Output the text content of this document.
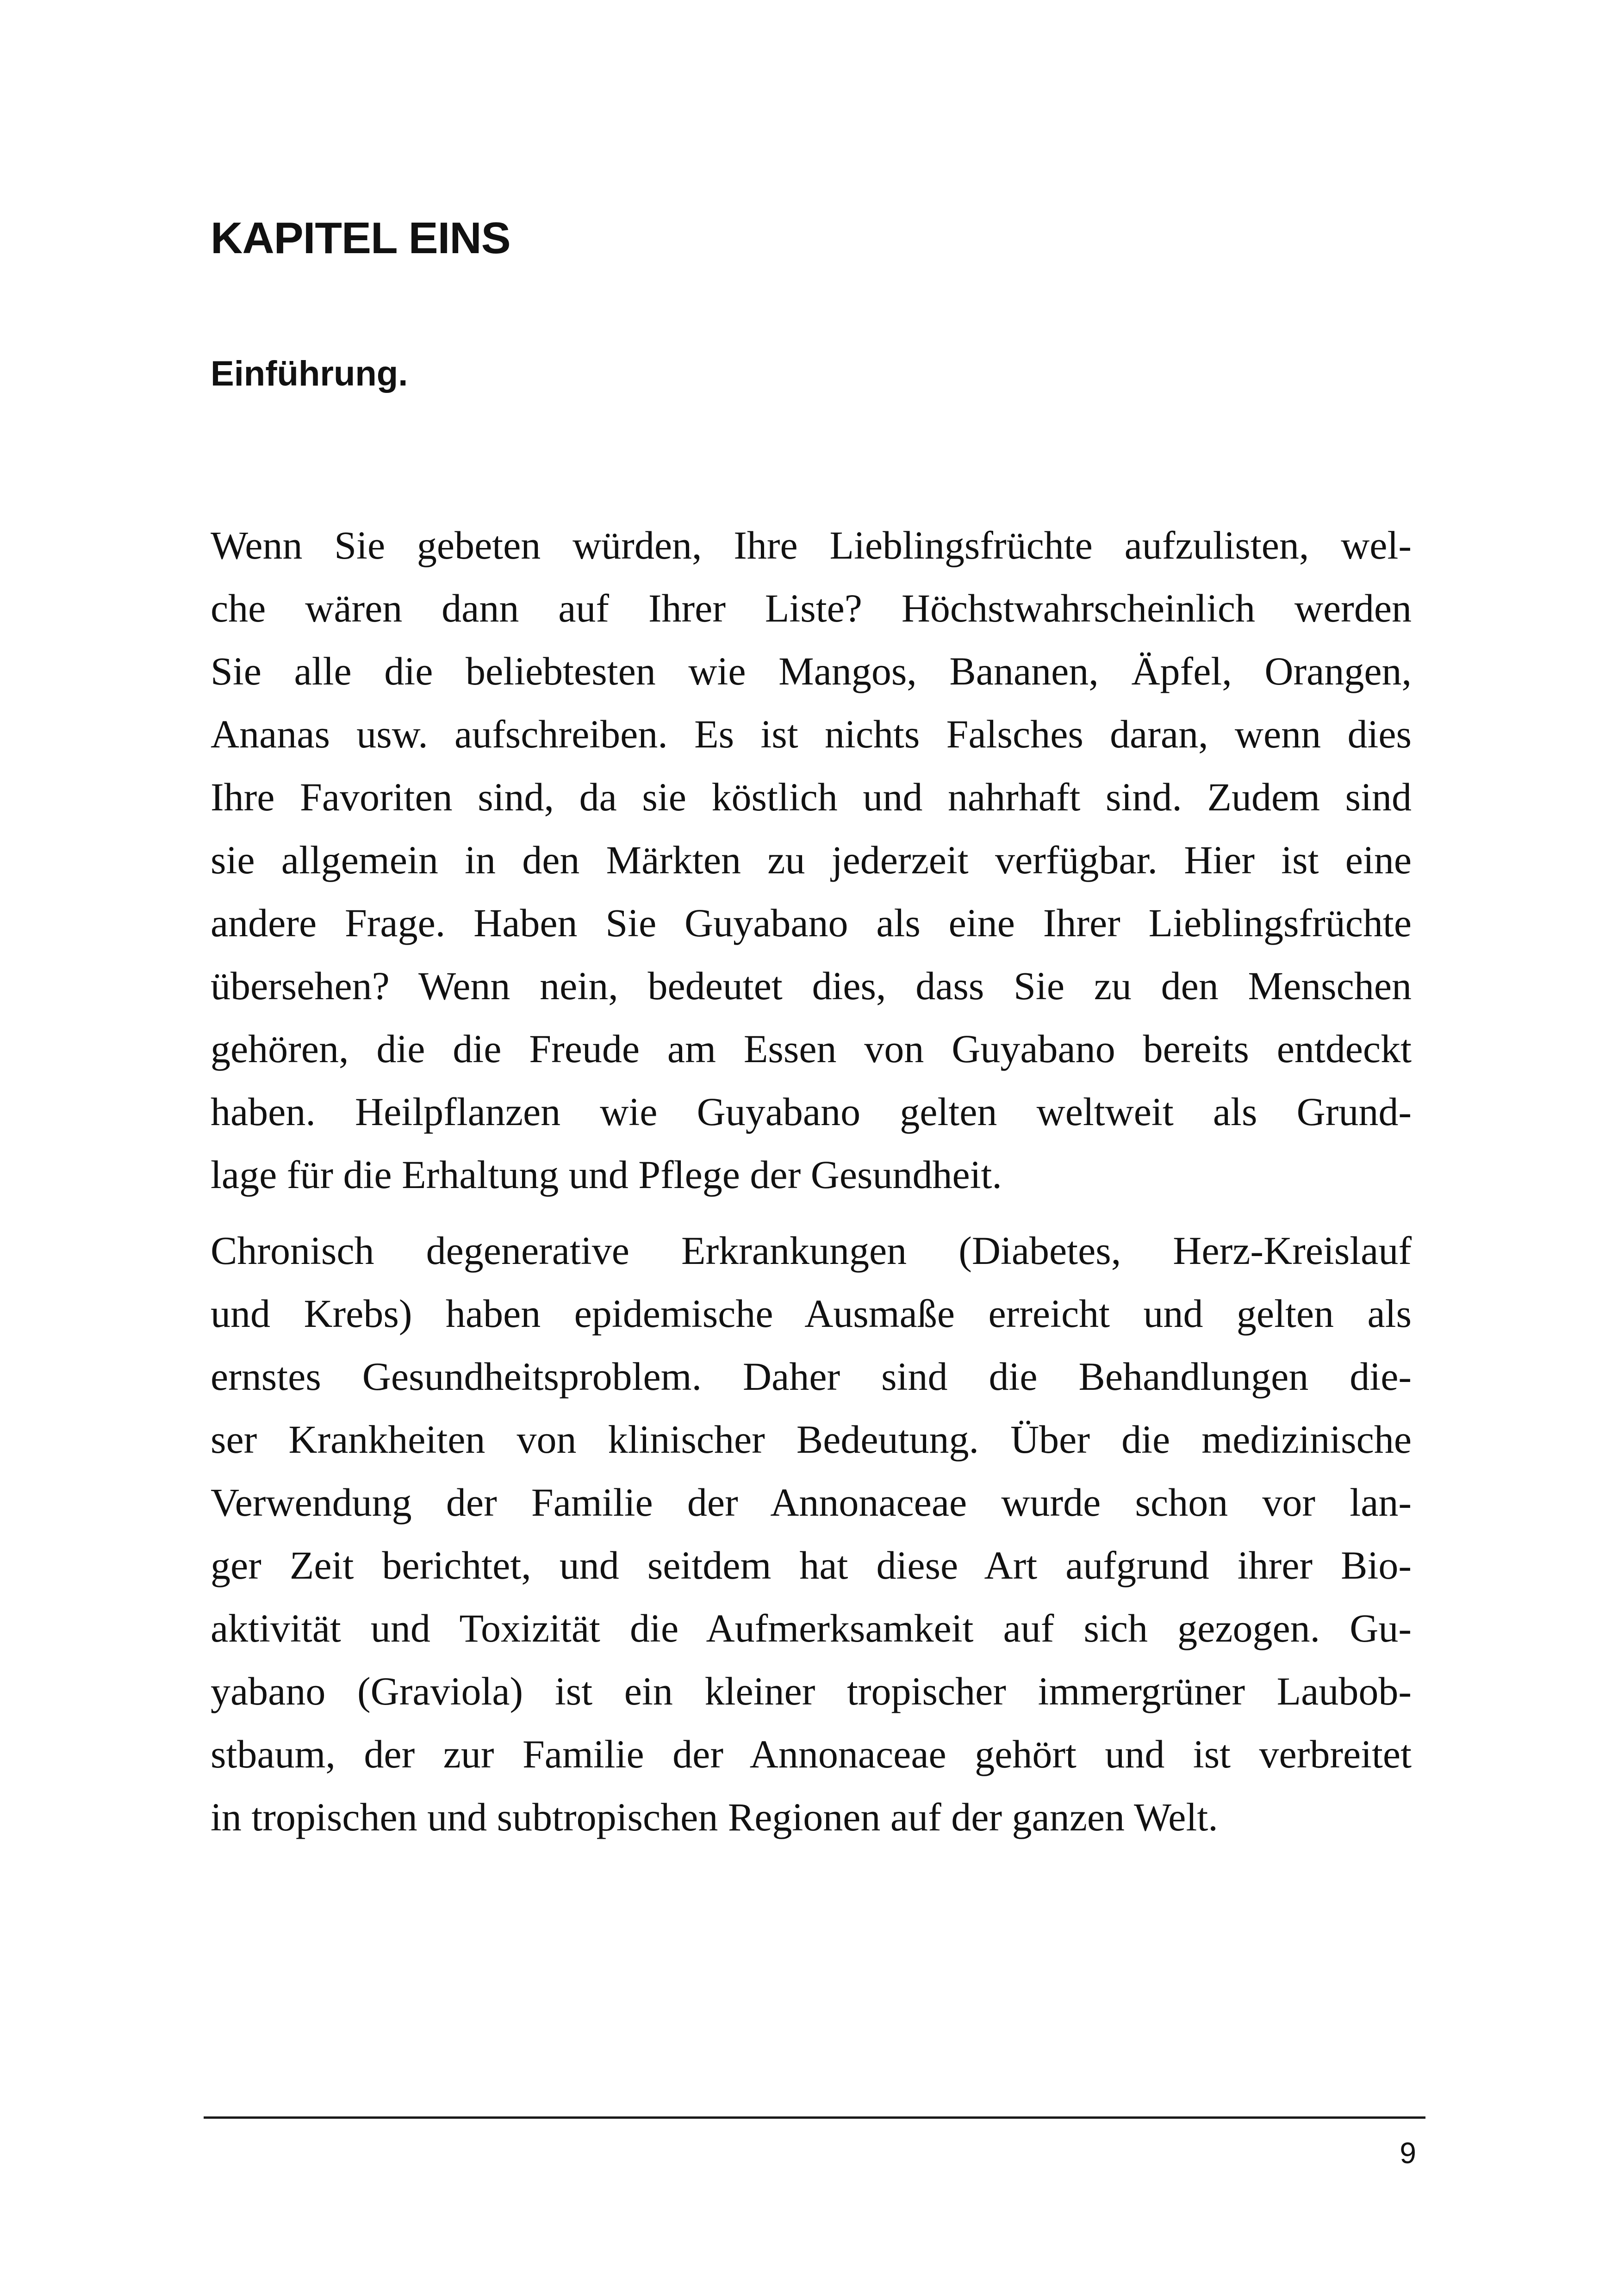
KAPITEL EINS
Einführung.

Wenn Sie gebeten würden, Ihre Lieblingsfrüchte aufzulisten, wel-
che wären dann auf Ihrer Liste? Höchstwahrscheinlich werden
Sie alle die beliebtesten wie Mangos, Bananen, Äpfel, Orangen,
Ananas usw. aufschreiben. Es ist nichts Falsches daran, wenn dies
Ihre Favoriten sind, da sie köstlich und nahrhaft sind. Zudem sind
sie allgemein in den Märkten zu jederzeit verfügbar. Hier ist eine
andere Frage. Haben Sie Guyabano als eine Ihrer Lieblingsfrüchte
übersehen? Wenn nein, bedeutet dies, dass Sie zu den Menschen
gehören, die die Freude am Essen von Guyabano bereits entdeckt
haben. Heilpflanzen wie Guyabano gelten weltweit als Grund-
lage für die Erhaltung und Pflege der Gesundheit.

Chronisch degenerative Erkrankungen (Diabetes, Herz-Kreislauf
und Krebs) haben epidemische Ausmaße erreicht und gelten als
ernstes Gesundheitsproblem. Daher sind die Behandlungen die-
ser Krankheiten von klinischer Bedeutung. Über die medizinische
Verwendung der Familie der Annonaceae wurde schon vor lan-
ger Zeit berichtet, und seitdem hat diese Art aufgrund ihrer Bio-
aktivität und Toxizität die Aufmerksamkeit auf sich gezogen. Gu-
yabano (Graviola) ist ein kleiner tropischer immergrüner Laubob-
stbaum, der zur Familie der Annonaceae gehört und ist verbreitet
in tropischen und subtropischen Regionen auf der ganzen Welt.

9
